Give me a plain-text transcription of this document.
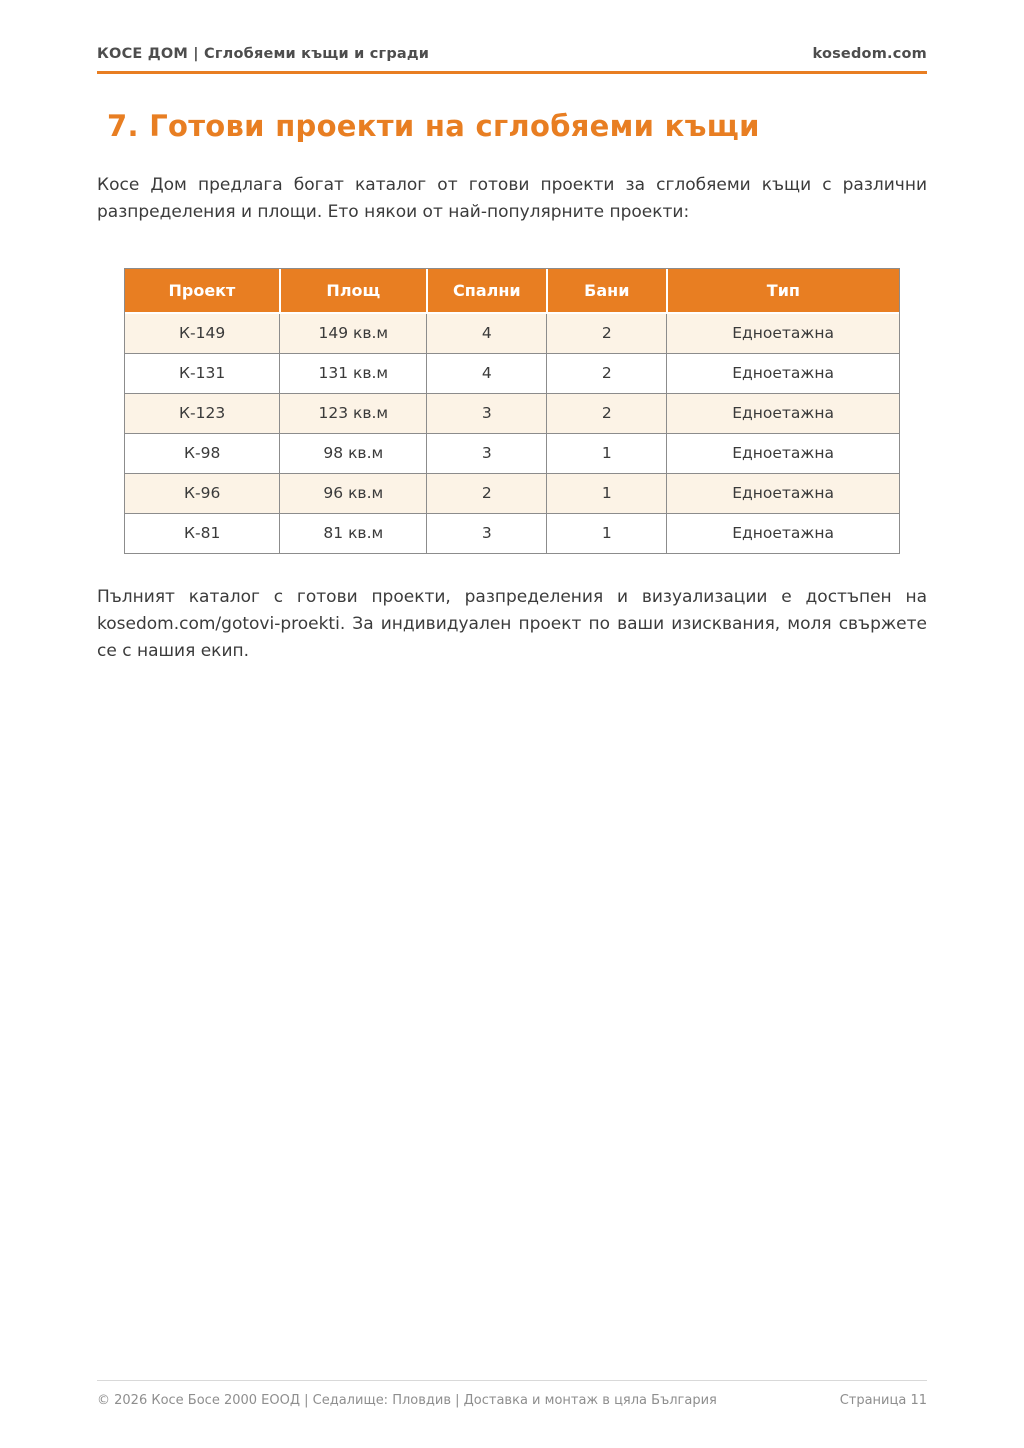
КОСЕ ДОМ | Сглобяеми къщи и сгради	kosedom.com
7. Готови проекти на сглобяеми къщи

Косе Дом предлага богат каталог от готови проекти за сглобяеми къщи с различни разпределения и площи. Ето някои от най-популярните проекти:

Проект	Площ	Спални	Бани	Тип
К-149	149 кв.м	4	2	Едноетажна
К-131	131 кв.м	4	2	Едноетажна
К-123	123 кв.м	3	2	Едноетажна
К-98	98 кв.м	3	1	Едноетажна
К-96	96 кв.м	2	1	Едноетажна
К-81	81 кв.м	3	1	Едноетажна

Пълният каталог с готови проекти, разпределения и визуализации е достъпен на kosedom.com/gotovi-proekti. За индивидуален проект по ваши изисквания, моля свържете се с нашия екип.

© 2026 Косе Босе 2000 ЕООД | Седалище: Пловдив | Доставка и монтаж в цяла България	Страница 11
